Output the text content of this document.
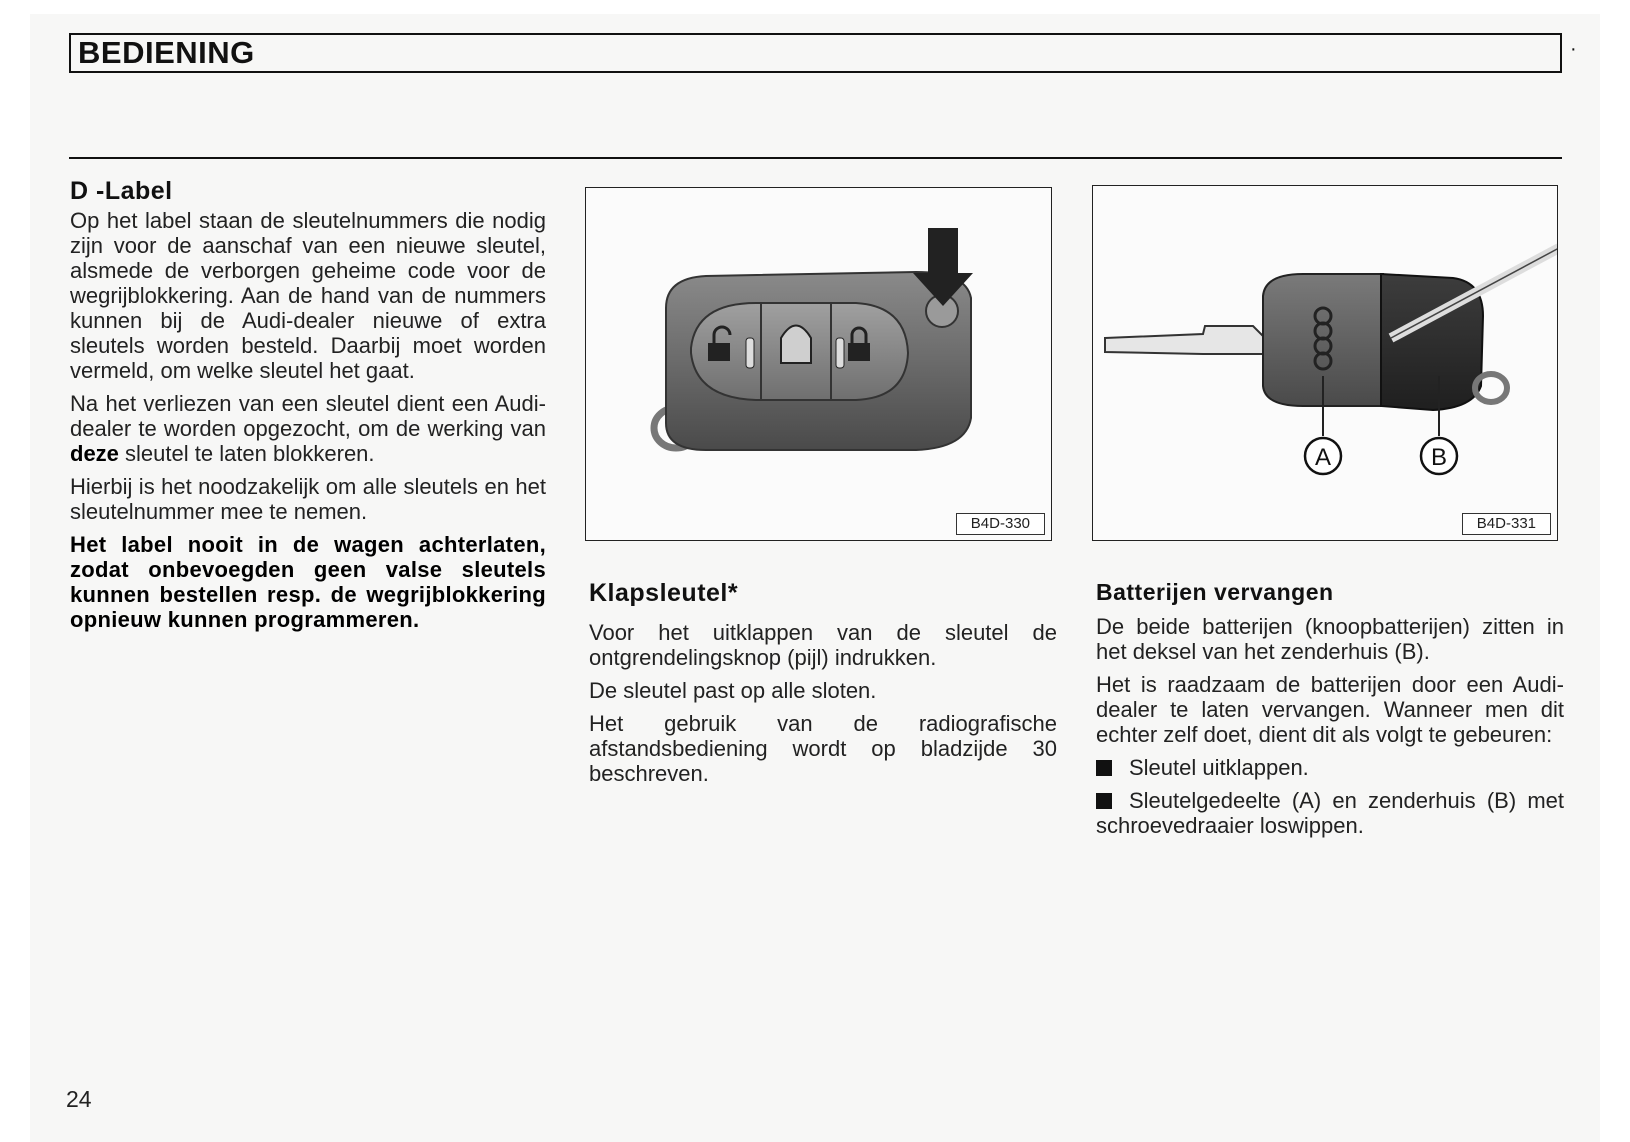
BEDIENING	·
D -Label

Op het label staan de sleutelnummers die nodig zijn voor de aanschaf van een nieuwe sleutel, alsmede de verborgen geheime code voor de wegrijblokkering. Aan de hand van de nummers kunnen bij de Audi-dealer nieuwe of extra sleutels worden besteld. Daarbij moet worden vermeld, om welke sleutel het gaat.

Na het verliezen van een sleutel dient een Audi-dealer te worden opgezocht, om de werking van deze sleutel te laten blokkeren.

Hierbij is het noodzakelijk om alle sleutels en het sleutelnummer mee te nemen.

Het label nooit in de wagen achterlaten, zodat onbevoegden geen valse sleutels kunnen bestellen resp. de wegrijblokkering opnieuw kunnen programmeren.

B4D-330
A	B
B4D-331
Klapsleutel*

Voor het uitklappen van de sleutel de ontgrendelingsknop (pijl) indrukken.

De sleutel past op alle sloten.

Het gebruik van de radiografische afstandsbediening wordt op bladzijde 30 beschreven.

Batterijen vervangen

De beide batterijen (knoopbatterijen) zitten in het deksel van het zenderhuis (B).

Het is raadzaam de batterijen door een Audi-dealer te laten vervangen. Wanneer men dit echter zelf doet, dient dit als volgt te gebeuren:

Sleutel uitklappen.
Sleutelgedeelte (A) en zenderhuis (B) met schroevedraaier loswippen.
24
